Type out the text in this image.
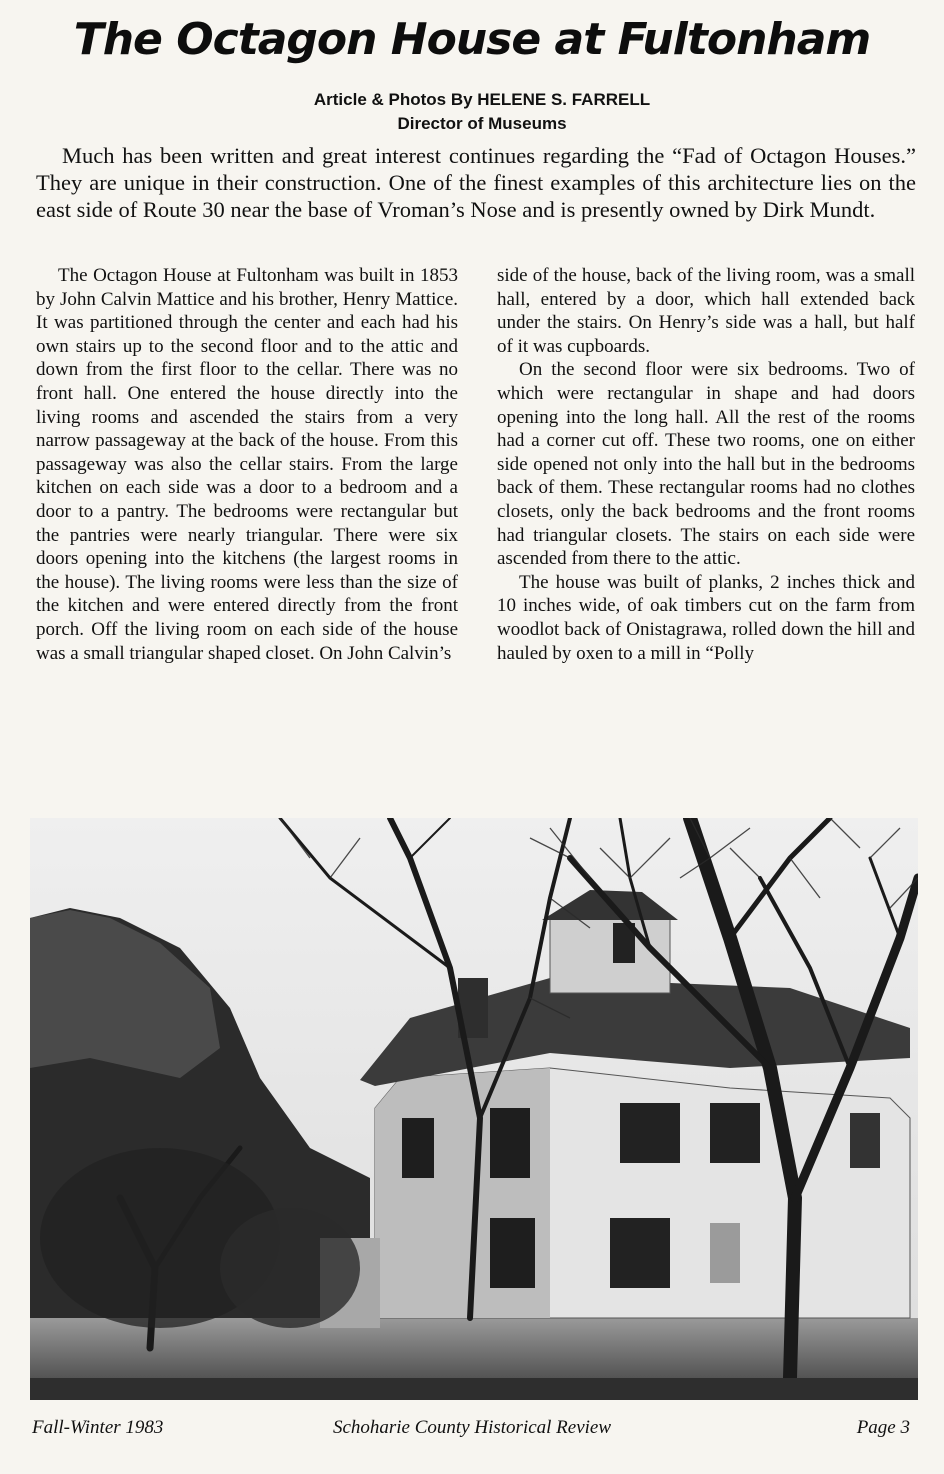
The Octagon House at Fultonham
Article & Photos By HELENE S. FARRELL
Director of Museums
Much has been written and great interest continues regarding the “Fad of Octagon Houses.” They are unique in their construction. One of the finest examples of this architecture lies on the east side of Route 30 near the base of Vroman’s Nose and is presently owned by Dirk Mundt.

The Octagon House at Fultonham was built in 1853 by John Calvin Mattice and his brother, Henry Mattice. It was partitioned through the center and each had his own stairs up to the second floor and to the attic and down from the first floor to the cellar. There was no front hall. One entered the house directly into the living rooms and ascended the stairs from a very narrow passageway at the back of the house. From this passageway was also the cellar stairs. From the large kitchen on each side was a door to a bedroom and a door to a pantry. The bedrooms were rectangular but the pantries were nearly triangular. There were six doors opening into the kitchens (the largest rooms in the house). The living rooms were less than the size of the kitchen and were entered directly from the front porch. Off the living room on each side of the house was a small triangular shaped closet. On John Calvin’s

side of the house, back of the living room, was a small hall, entered by a door, which hall extended back under the stairs. On Henry’s side was a hall, but half of it was cupboards.

On the second floor were six bedrooms. Two of which were rectangular in shape and had doors opening into the long hall. All the rest of the rooms had a corner cut off. These two rooms, one on either side opened not only into the hall but in the bedrooms back of them. These rectangular rooms had no clothes closets, only the back bedrooms and the front rooms had triangular closets. The stairs on each side were ascended from there to the attic.

The house was built of planks, 2 inches thick and 10 inches wide, of oak timbers cut on the farm from woodlot back of Onistagrawa, rolled down the hill and hauled by oxen to a mill in “Polly

Fall-Winter 1983	Schoharie County Historical Review	Page 3
